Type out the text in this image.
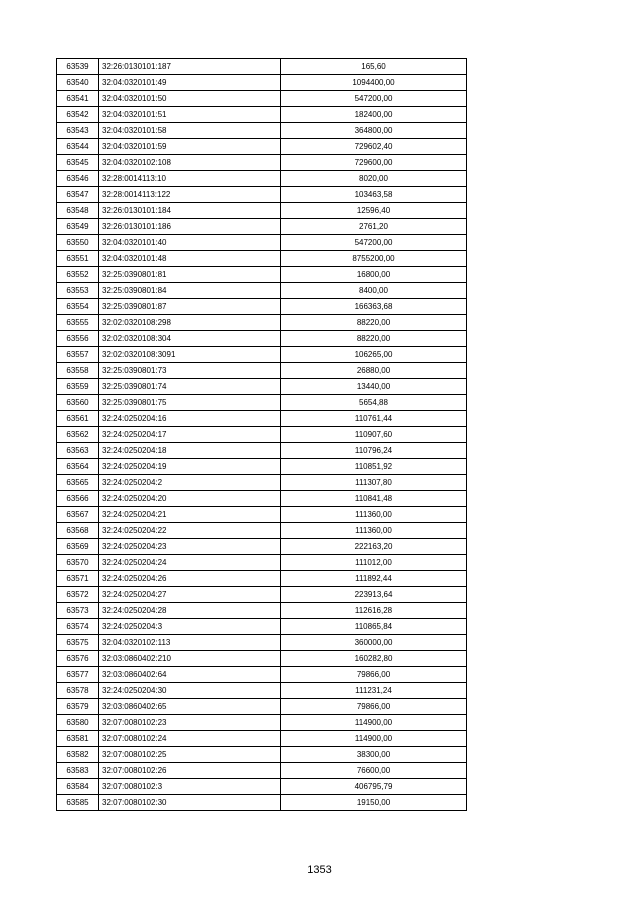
63539	32:26:0130101:187	165,60
63540	32:04:0320101:49	1094400,00
63541	32:04:0320101:50	547200,00
63542	32:04:0320101:51	182400,00
63543	32:04:0320101:58	364800,00
63544	32:04:0320101:59	729602,40
63545	32:04:0320102:108	729600,00
63546	32:28:0014113:10	8020,00
63547	32:28:0014113:122	103463,58
63548	32:26:0130101:184	12596,40
63549	32:26:0130101:186	2761,20
63550	32:04:0320101:40	547200,00
63551	32:04:0320101:48	8755200,00
63552	32:25:0390801:81	16800,00
63553	32:25:0390801:84	8400,00
63554	32:25:0390801:87	166363,68
63555	32:02:0320108:298	88220,00
63556	32:02:0320108:304	88220,00
63557	32:02:0320108:3091	106265,00
63558	32:25:0390801:73	26880,00
63559	32:25:0390801:74	13440,00
63560	32:25:0390801:75	5654,88
63561	32:24:0250204:16	110761,44
63562	32:24:0250204:17	110907,60
63563	32:24:0250204:18	110796,24
63564	32:24:0250204:19	110851,92
63565	32:24:0250204:2	111307,80
63566	32:24:0250204:20	110841,48
63567	32:24:0250204:21	111360,00
63568	32:24:0250204:22	111360,00
63569	32:24:0250204:23	222163,20
63570	32:24:0250204:24	111012,00
63571	32:24:0250204:26	111892,44
63572	32:24:0250204:27	223913,64
63573	32:24:0250204:28	112616,28
63574	32:24:0250204:3	110865,84
63575	32:04:0320102:113	360000,00
63576	32:03:0860402:210	160282,80
63577	32:03:0860402:64	79866,00
63578	32:24:0250204:30	111231,24
63579	32:03:0860402:65	79866,00
63580	32:07:0080102:23	114900,00
63581	32:07:0080102:24	114900,00
63582	32:07:0080102:25	38300,00
63583	32:07:0080102:26	76600,00
63584	32:07:0080102:3	406795,79
63585	32:07:0080102:30	19150,00
1353
